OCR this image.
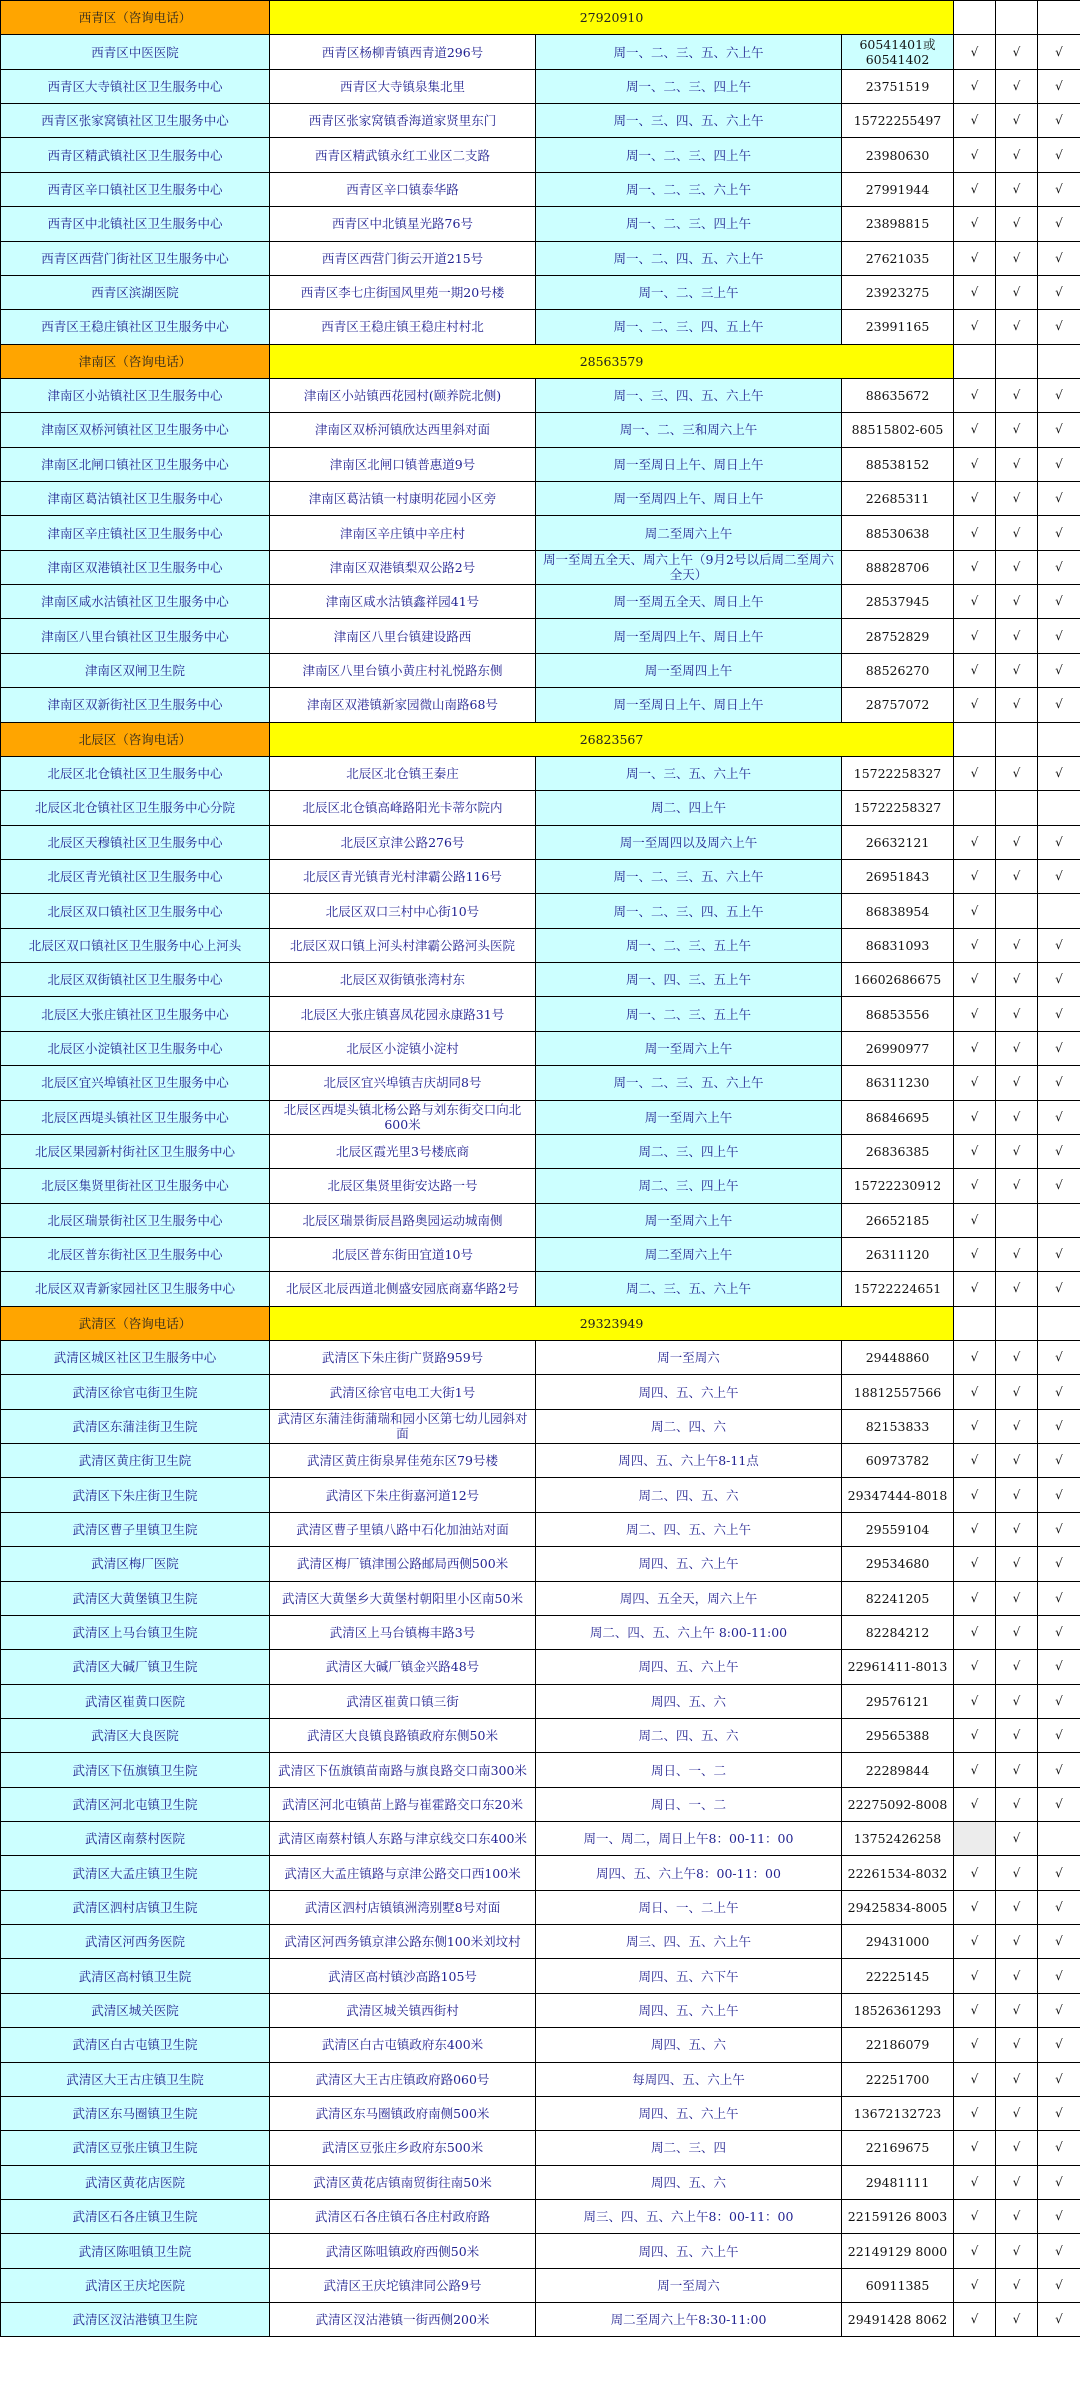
西青区（咨询电话）	27920910					
西青区中医医院	西青区杨柳青镇西青道296号	周一、二、三、五、六上午	60541401或60541402	√	√	√
西青区大寺镇社区卫生服务中心	西青区大寺镇泉集北里	周一、二、三、四上午	23751519	√	√	√
西青区张家窝镇社区卫生服务中心	西青区张家窝镇香海道家贤里东门	周一、三、四、五、六上午	15722255497	√	√	√
西青区精武镇社区卫生服务中心	西青区精武镇永红工业区二支路	周一、二、三、四上午	23980630	√	√	√
西青区辛口镇社区卫生服务中心	西青区辛口镇泰华路	周一、二、三、六上午	27991944	√	√	√
西青区中北镇社区卫生服务中心	西青区中北镇星光路76号	周一、二、三、四上午	23898815	√	√	√
西青区西营门街社区卫生服务中心	西青区西营门街云开道215号	周一、二、四、五、六上午	27621035	√	√	√
西青区滨湖医院	西青区李七庄街国风里苑一期20号楼	周一、二、三上午	23923275	√	√	√
西青区王稳庄镇社区卫生服务中心	西青区王稳庄镇王稳庄村村北	周一、二、三、四、五上午	23991165	√	√	√
津南区（咨询电话）	28563579					
津南区小站镇社区卫生服务中心	津南区小站镇西花园村(颐养院北侧)	周一、三、四、五、六上午	88635672	√	√	√
津南区双桥河镇社区卫生服务中心	津南区双桥河镇欣达西里斜对面	周一、二、三和周六上午	88515802-605	√	√	√
津南区北闸口镇社区卫生服务中心	津南区北闸口镇普惠道9号	周一至周日上午、周日上午	88538152	√	√	√
津南区葛沽镇社区卫生服务中心	津南区葛沽镇一村康明花园小区旁	周一至周四上午、周日上午	22685311	√	√	√
津南区辛庄镇社区卫生服务中心	津南区辛庄镇中辛庄村	周二至周六上午	88530638	√	√	√
津南区双港镇社区卫生服务中心	津南区双港镇梨双公路2号	周一至周五全天、周六上午（9月2号以后周二至周六全天）	88828706	√	√	√
津南区咸水沽镇社区卫生服务中心	津南区咸水沽镇鑫祥园41号	周一至周五全天、周日上午	28537945	√	√	√
津南区八里台镇社区卫生服务中心	津南区八里台镇建设路西	周一至周四上午、周日上午	28752829	√	√	√
津南区双闸卫生院	津南区八里台镇小黄庄村礼悦路东侧	周一至周四上午	88526270	√	√	√
津南区双新街社区卫生服务中心	津南区双港镇新家园微山南路68号	周一至周日上午、周日上午	28757072	√	√	√
北辰区（咨询电话）	26823567					
北辰区北仓镇社区卫生服务中心	北辰区北仓镇王秦庄	周一、三、五、六上午	15722258327	√	√	√
北辰区北仓镇社区卫生服务中心分院	北辰区北仓镇高峰路阳光卡蒂尔院内	周二、四上午	15722258327			
北辰区天穆镇社区卫生服务中心	北辰区京津公路276号	周一至周四以及周六上午	26632121	√	√	√
北辰区青光镇社区卫生服务中心	北辰区青光镇青光村津霸公路116号	周一、二、三、五、六上午	26951843	√	√	√
北辰区双口镇社区卫生服务中心	北辰区双口三村中心街10号	周一、二、三、四、五上午	86838954	√		
北辰区双口镇社区卫生服务中心上河头	北辰区双口镇上河头村津霸公路河头医院	周一、二、三、五上午	86831093	√	√	√
北辰区双街镇社区卫生服务中心	北辰区双街镇张湾村东	周一、四、三、五上午	16602686675	√	√	√
北辰区大张庄镇社区卫生服务中心	北辰区大张庄镇喜凤花园永康路31号	周一、二、三、五上午	86853556	√	√	√
北辰区小淀镇社区卫生服务中心	北辰区小淀镇小淀村	周一至周六上午	26990977	√	√	√
北辰区宜兴埠镇社区卫生服务中心	北辰区宜兴埠镇吉庆胡同8号	周一、二、三、五、六上午	86311230	√	√	√
北辰区西堤头镇社区卫生服务中心	北辰区西堤头镇北杨公路与刘东街交口向北600米	周一至周六上午	86846695	√	√	√
北辰区果园新村街社区卫生服务中心	北辰区霞光里3号楼底商	周二、三、四上午	26836385	√	√	√
北辰区集贤里街社区卫生服务中心	北辰区集贤里街安达路一号	周二、三、四上午	15722230912	√	√	√
北辰区瑞景街社区卫生服务中心	北辰区瑞景街辰昌路奥园运动城南侧	周一至周六上午	26652185	√		
北辰区普东街社区卫生服务中心	北辰区普东街田宜道10号	周二至周六上午	26311120	√	√	√
北辰区双青新家园社区卫生服务中心	北辰区北辰西道北侧盛安园底商嘉华路2号	周二、三、五、六上午	15722224651	√	√	√
武清区（咨询电话）	29323949					
武清区城区社区卫生服务中心	武清区下朱庄街广贤路959号	周一至周六	29448860	√	√	√
武清区徐官屯街卫生院	武清区徐官屯电工大街1号	周四、五、六上午	18812557566	√	√	√
武清区东蒲洼街卫生院	武清区东蒲洼街蒲瑞和园小区第七幼儿园斜对面	周二、四、六	82153833	√	√	√
武清区黄庄街卫生院	武清区黄庄街泉昇佳苑东区79号楼	周四、五、六上午8-11点	60973782	√	√	√
武清区下朱庄街卫生院	武清区下朱庄街嘉河道12号	周二、四、五、六	29347444-8018	√	√	√
武清区曹子里镇卫生院	武清区曹子里镇八路中石化加油站对面	周二、四、五、六上午	29559104	√	√	√
武清区梅厂医院	武清区梅厂镇津围公路邮局西侧500米	周四、五、六上午	29534680	√	√	√
武清区大黄堡镇卫生院	武清区大黄堡乡大黄堡村朝阳里小区南50米	周四、五全天，周六上午	82241205	√	√	√
武清区上马台镇卫生院	武清区上马台镇梅丰路3号	周二、四、五、六上午 8:00-11:00	82284212	√	√	√
武清区大碱厂镇卫生院	武清区大碱厂镇金兴路48号	周四、五、六上午	22961411-8013	√	√	√
武清区崔黄口医院	武清区崔黄口镇三街	周四、五、六	29576121	√	√	√
武清区大良医院	武清区大良镇良路镇政府东侧50米	周二、四、五、六	29565388	√	√	√
武清区下伍旗镇卫生院	武清区下伍旗镇苗南路与旗良路交口南300米	周日、一、二	22289844	√	√	√
武清区河北屯镇卫生院	武清区河北屯镇苗上路与崔霍路交口东20米	周日、一、二	22275092-8008	√	√	√
武清区南蔡村医院	武清区南蔡村镇人东路与津京线交口东400米	周一、周二，周日上午8：00-11：00	13752426258		√	
武清区大孟庄镇卫生院	武清区大孟庄镇路与京津公路交口西100米	周四、五、六上午8：00-11：00	22261534-8032	√	√	√
武清区泗村店镇卫生院	武清区泗村店镇镇洲湾别墅8号对面	周日、一、二上午	29425834-8005	√	√	√
武清区河西务医院	武清区河西务镇京津公路东侧100米刘坟村	周三、四、五、六上午	29431000	√	√	√
武清区高村镇卫生院	武清区高村镇沙高路105号	周四、五、六下午	22225145	√	√	√
武清区城关医院	武清区城关镇西街村	周四、五、六上午	18526361293	√	√	√
武清区白古屯镇卫生院	武清区白古屯镇政府东400米	周四、五、六	22186079	√	√	√
武清区大王古庄镇卫生院	武清区大王古庄镇政府路060号	每周四、五、六上午	22251700	√	√	√
武清区东马圈镇卫生院	武清区东马圈镇政府南侧500米	周四、五、六上午	13672132723	√	√	√
武清区豆张庄镇卫生院	武清区豆张庄乡政府东500米	周二、三、四	22169675	√	√	√
武清区黄花店医院	武清区黄花店镇南贸街往南50米	周四、五、六	29481111	√	√	√
武清区石各庄镇卫生院	武清区石各庄镇石各庄村政府路	周三、四、五、六上午8：00-11：00	22159126 8003	√	√	√
武清区陈咀镇卫生院	武清区陈咀镇政府西侧50米	周四、五、六上午	22149129 8000	√	√	√
武清区王庆坨医院	武清区王庆坨镇津同公路9号	周一至周六	60911385	√	√	√
武清区汊沽港镇卫生院	武清区汊沽港镇一街西侧200米	周二至周六上午8:30-11:00	29491428 8062	√	√	√
